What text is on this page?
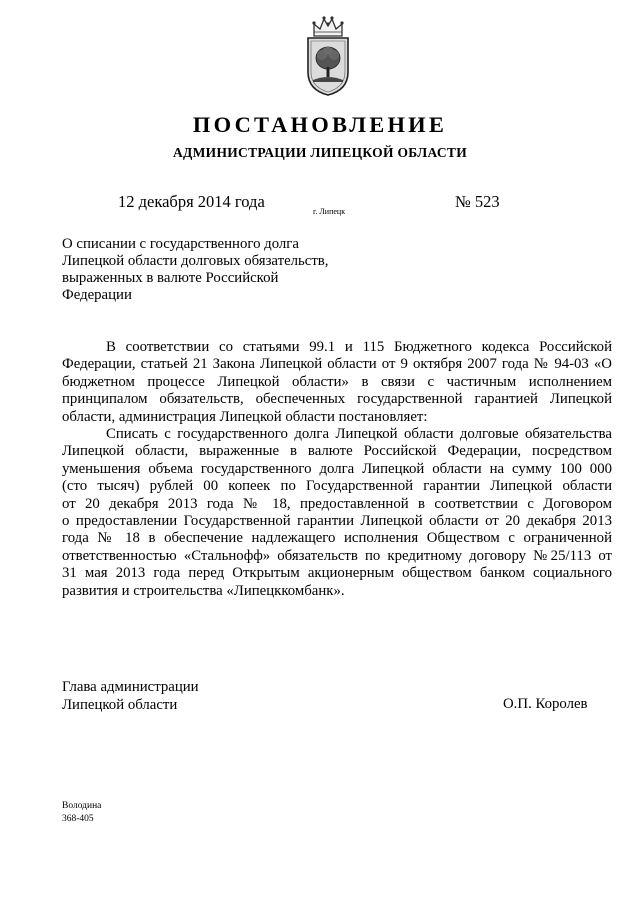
ПОСТАНОВЛЕНИЕ
АДМИНИСТРАЦИИ ЛИПЕЦКОЙ ОБЛАСТИ
12 декабря 2014 года
г. Липецк
№ 523
О списании с государственного долга
Липецкой области долговых обязательств,
выраженных в валюте Российской
Федерации

В соответствии со статьями 99.1 и 115 Бюджетного кодекса Российской
Федерации, статьей 21 Закона Липецкой области от 9 октября 2007 года № 94-03 «О
бюджетном процессе Липецкой области» в связи с частичным исполнением
принципалом обязательств, обеспеченных государственной гарантией Липецкой
области, администрация Липецкой области постановляет:

Списать с государственного долга Липецкой области долговые обязательства
Липецкой области, выраженные в валюте Российской Федерации, посредством
уменьшения объема государственного долга Липецкой области на сумму 100 000
(сто тысяч) рублей 00 копеек по Государственной гарантии Липецкой области
от 20 декабря 2013 года № 18, предоставленной в соответствии с Договором
о предоставлении Государственной гарантии Липецкой области от 20 декабря 2013
года № 18 в обеспечение надлежащего исполнения Обществом с ограниченной
ответственностью «Стальнофф» обязательств по кредитному договору №25/113 от
31 мая 2013 года перед Открытым акционерным обществом банком социального
развития и строительства «Липецккомбанк».

Глава администрации
Липецкой области	О.П. Королев
Володина
368-405
